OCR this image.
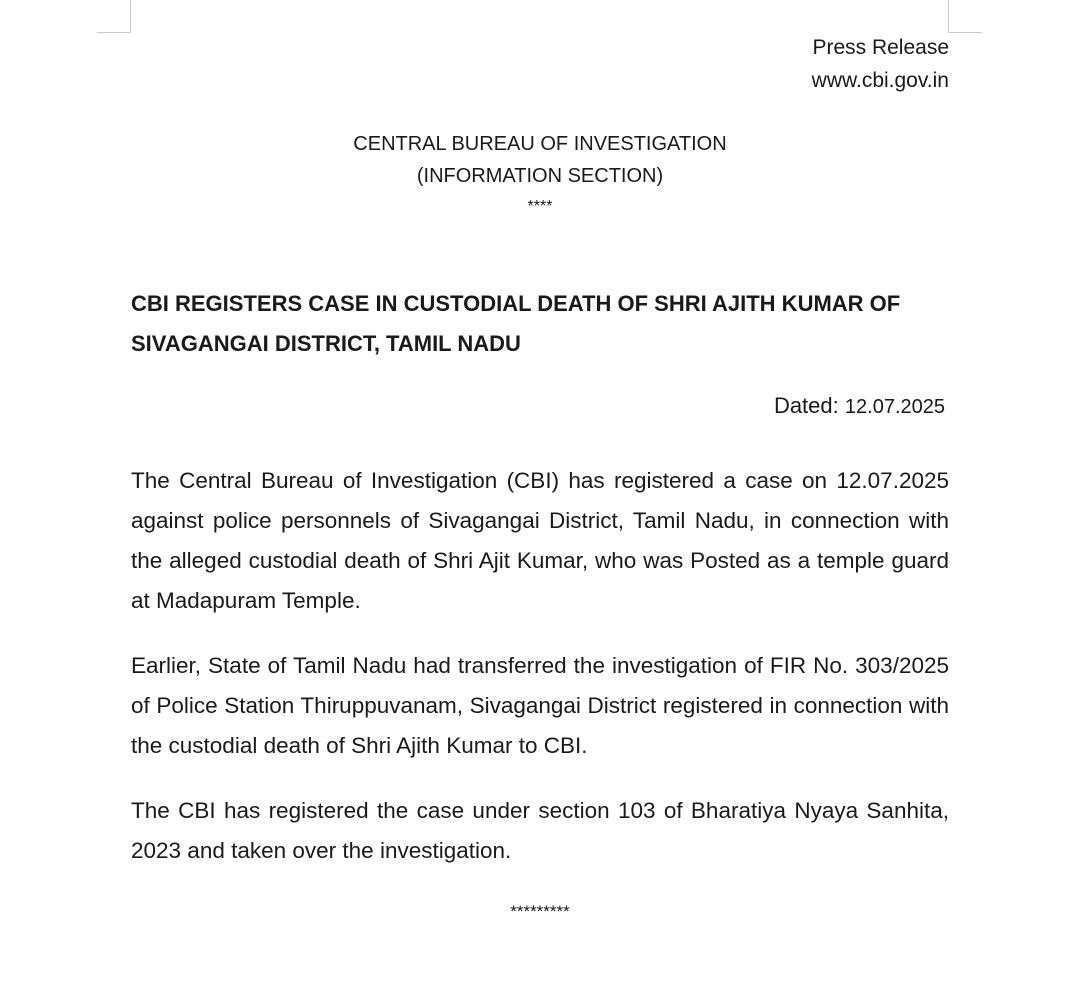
Press Release
www.cbi.gov.in
CENTRAL BUREAU OF INVESTIGATION
(INFORMATION SECTION)
****
CBI REGISTERS CASE IN CUSTODIAL DEATH OF SHRI AJITH KUMAR OF SIVAGANGAI DISTRICT, TAMIL NADU
Dated: 12.07.2025

The Central Bureau of Investigation (CBI) has registered a case on 12.07.2025 against police personnels of Sivagangai District, Tamil Nadu, in connection with the alleged custodial death of Shri Ajit Kumar, who was Posted as a temple guard at Madapuram Temple.

Earlier, State of Tamil Nadu had transferred the investigation of FIR No. 303/2025 of Police Station Thiruppuvanam, Sivagangai District registered in connection with the custodial death of Shri Ajith Kumar to CBI.

The CBI has registered the case under section 103 of Bharatiya Nyaya Sanhita, 2023 and taken over the investigation.

*********
